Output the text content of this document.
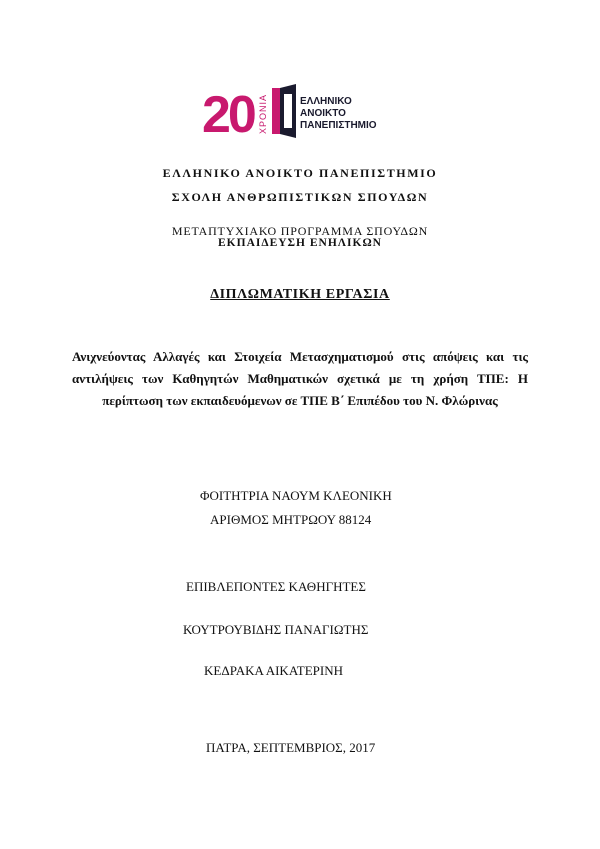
20 ΧΡΟΝΙΑ	ΕΛΛΗΝΙΚΟ
ΑΝΟΙΚΤΟ
ΠΑΝΕΠΙΣΤΗΜΙΟ
ΕΛΛΗΝΙΚΟ ΑΝΟΙΚΤΟ ΠΑΝΕΠΙΣΤΗΜΙΟ
ΣΧΟΛΗ ΑΝΘΡΩΠΙΣΤΙΚΩΝ ΣΠΟΥΔΩΝ
ΜΕΤΑΠΤΥΧΙΑΚΟ ΠΡΟΓΡΑΜΜΑ ΣΠΟΥΔΩΝ
ΕΚΠΑΙΔΕΥΣΗ ΕΝΗΛΙΚΩΝ
ΔΙΠΛΩΜΑΤΙΚΗ ΕΡΓΑΣΙΑ
Ανιχνεύοντας Αλλαγές και Στοιχεία Μετασχηματισμού στις απόψεις και τις αντιλήψεις των Καθηγητών Μαθηματικών σχετικά με τη χρήση ΤΠΕ: Η περίπτωση των εκπαιδευόμενων σε ΤΠΕ Β΄ Επιπέδου του Ν. Φλώρινας
ΦΟΙΤΗΤΡΙΑ ΝΑΟΥΜ ΚΛΕΟΝΙΚΗ
ΑΡΙΘΜΟΣ ΜΗΤΡΩΟΥ 88124
ΕΠΙΒΛΕΠΟΝΤΕΣ ΚΑΘΗΓΗΤΕΣ
ΚΟΥΤΡΟΥΒΙΔΗΣ ΠΑΝΑΓΙΩΤΗΣ
ΚΕΔΡΑΚΑ ΑΙΚΑΤΕΡΙΝΗ
ΠΑΤΡΑ, ΣΕΠΤΕΜΒΡΙΟΣ, 2017
